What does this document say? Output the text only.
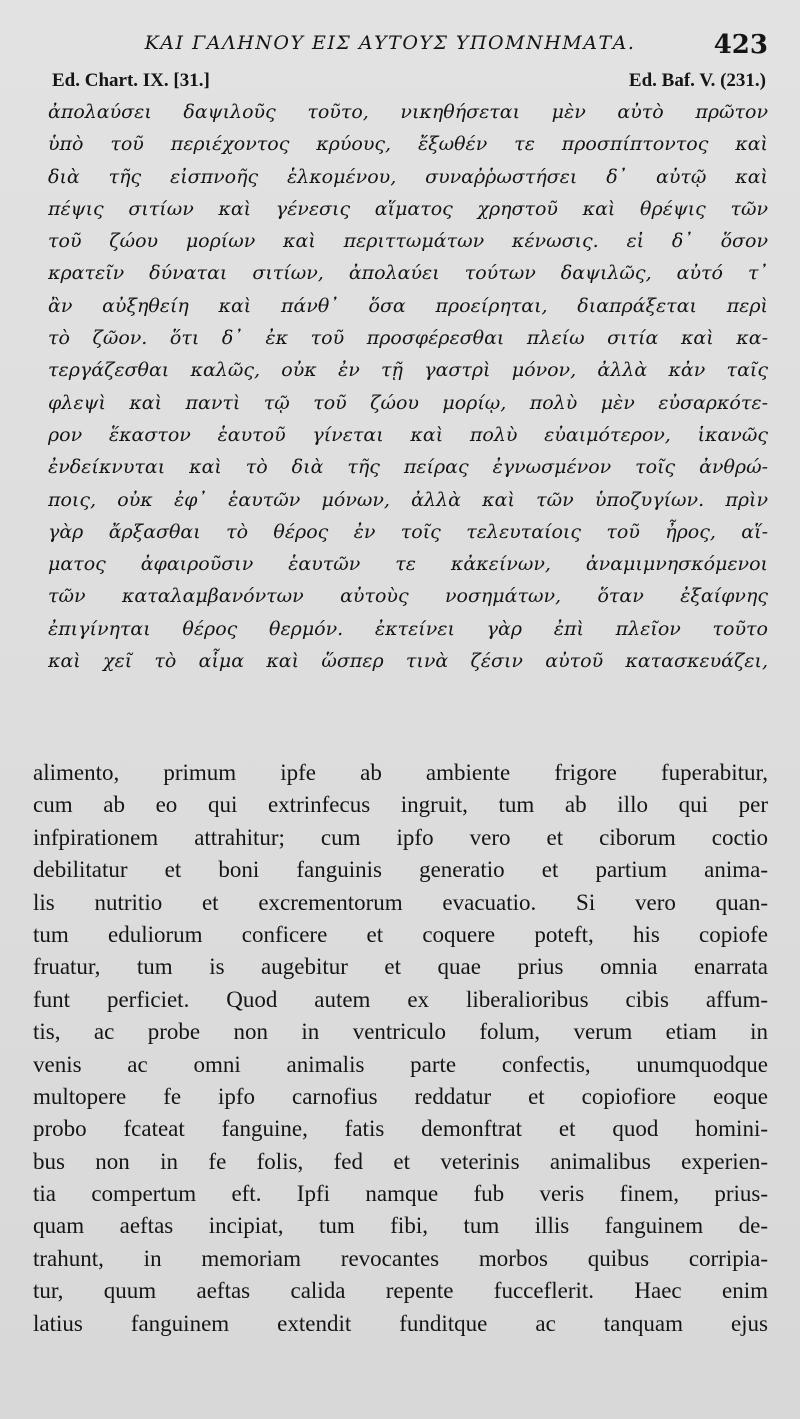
ΚΑΙ ΓΑΛΗΝΟΥ ΕΙΣ ΑΥΤΟΥΣ ΥΠΟΜΝΗΜΑΤΑ.	423
Ed. Chart. IX. [31.]	Ed. Baf. V. (231.)
ἀπολαύσει δαψιλοῦς τοῦτο, νικηθήσεται μὲν αὐτὸ πρῶτον
ὑπὸ τοῦ περιέχοντος κρύους, ἔξωθέν τε προσπίπτοντος καὶ
διὰ τῆς εἰσπνοῆς ἑλκομένου, συναῤῥωστήσει δ᾽ αὐτῷ καὶ
πέψις σιτίων καὶ γένεσις αἵματος χρηστοῦ καὶ θρέψις τῶν
τοῦ ζώου μορίων καὶ περιττωμάτων κένωσις. εἰ δ᾽ ὅσον
κρατεῖν δύναται σιτίων, ἀπολαύει τούτων δαψιλῶς, αὐτό τ᾽
ἂν αὐξηθείη καὶ πάνθ᾽ ὅσα προείρηται, διαπράξεται περὶ
τὸ ζῶον. ὅτι δ᾽ ἐκ τοῦ προσφέρεσθαι πλείω σιτία καὶ κα-
τεργάζεσθαι καλῶς, οὐκ ἐν τῇ γαστρὶ μόνον, ἀλλὰ κἀν ταῖς
φλεψὶ καὶ παντὶ τῷ τοῦ ζώου μορίῳ, πολὺ μὲν εὐσαρκότε-
ρον ἕκαστον ἑαυτοῦ γίνεται καὶ πολὺ εὐαιμότερον, ἱκανῶς
ἐνδείκνυται καὶ τὸ διὰ τῆς πείρας ἐγνωσμένον τοῖς ἀνθρώ-
ποις, οὐκ ἐφ᾽ ἑαυτῶν μόνων, ἀλλὰ καὶ τῶν ὑποζυγίων. πρὶν
γὰρ ἄρξασθαι τὸ θέρος ἐν τοῖς τελευταίοις τοῦ ἦρος, αἵ-
ματος ἀφαιροῦσιν ἑαυτῶν τε κἀκείνων, ἀναμιμνησκόμενοι
τῶν καταλαμβανόντων αὐτοὺς νοσημάτων, ὅταν ἐξαίφνης
ἐπιγίνηται θέρος θερμόν. ἐκτείνει γὰρ ἐπὶ πλεῖον τοῦτο
καὶ χεῖ τὸ αἷμα καὶ ὥσπερ τινὰ ζέσιν αὐτοῦ κατασκευάζει,
alimento, primum ipfe ab ambiente frigore fuperabitur,
cum ab eo qui extrinfecus ingruit, tum ab illo qui per
infpirationem attrahitur; cum ipfo vero et ciborum coctio
debilitatur et boni fanguinis generatio et partium anima-
lis nutritio et excrementorum evacuatio. Si vero quan-
tum eduliorum conficere et coquere poteft, his copiofe
fruatur, tum is augebitur et quae prius omnia enarrata
funt perficiet. Quod autem ex liberalioribus cibis affum-
tis, ac probe non in ventriculo folum, verum etiam in
venis ac omni animalis parte confectis, unumquodque
multopere fe ipfo carnofius reddatur et copiofiore eoque
probo fcateat fanguine, fatis demonftrat et quod homini-
bus non in fe folis, fed et veterinis animalibus experien-
tia compertum eft. Ipfi namque fub veris finem, prius-
quam aeftas incipiat, tum fibi, tum illis fanguinem de-
trahunt, in memoriam revocantes morbos quibus corripia-
tur, quum aeftas calida repente fucceflerit. Haec enim
latius fanguinem extendit funditque ac tanquam ejus
